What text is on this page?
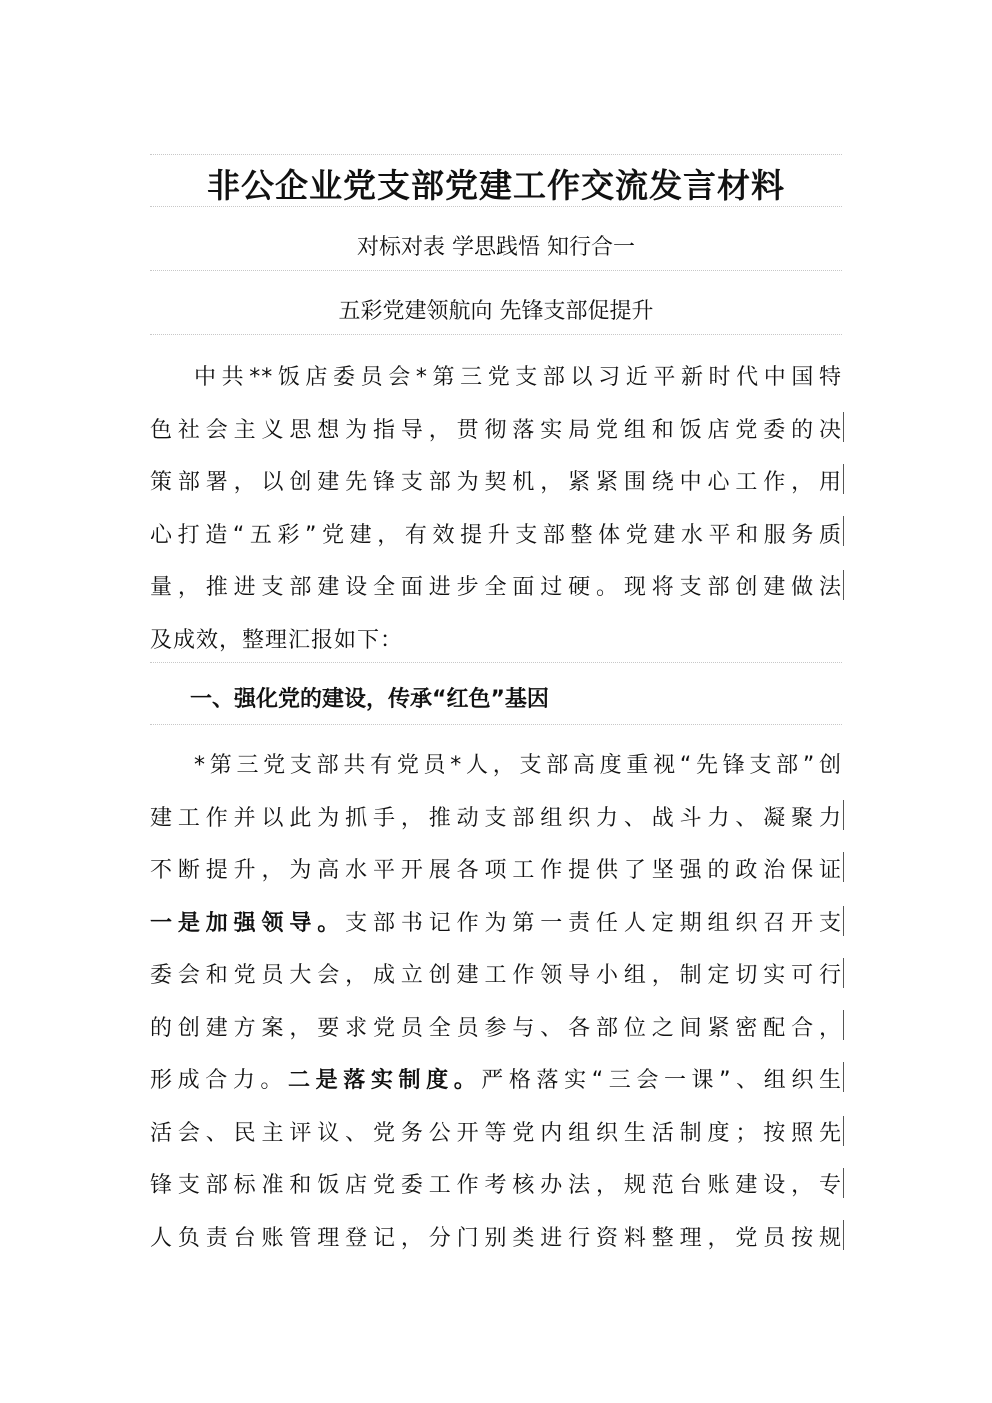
非公企业党支部党建工作交流发言材料
对标对表 学思践悟 知行合一
五彩党建领航向 先锋支部促提升
中共**饭店委员会*第三党支部以习近平新时代中国特
色社会主义思想为指导，贯彻落实局党组和饭店党委的决
策部署，以创建先锋支部为契机，紧紧围绕中心工作，用
心打造“五彩”党建，有效提升支部整体党建水平和服务质
量，推进支部建设全面进步全面过硬。现将支部创建做法
及成效，整理汇报如下：
一、强化党的建设，传承“红色”基因
*第三党支部共有党员*人，支部高度重视“先锋支部”创
建工作并以此为抓手，推动支部组织力、战斗力、凝聚力
不断提升，为高水平开展各项工作提供了坚强的政治保证
一是加强领导。支部书记作为第一责任人定期组织召开支
委会和党员大会，成立创建工作领导小组，制定切实可行
的创建方案，要求党员全员参与、各部位之间紧密配合，
形成合力。二是落实制度。严格落实“三会一课”、组织生
活会、民主评议、党务公开等党内组织生活制度；按照先
锋支部标准和饭店党委工作考核办法，规范台账建设，专
人负责台账管理登记，分门别类进行资料整理，党员按规
